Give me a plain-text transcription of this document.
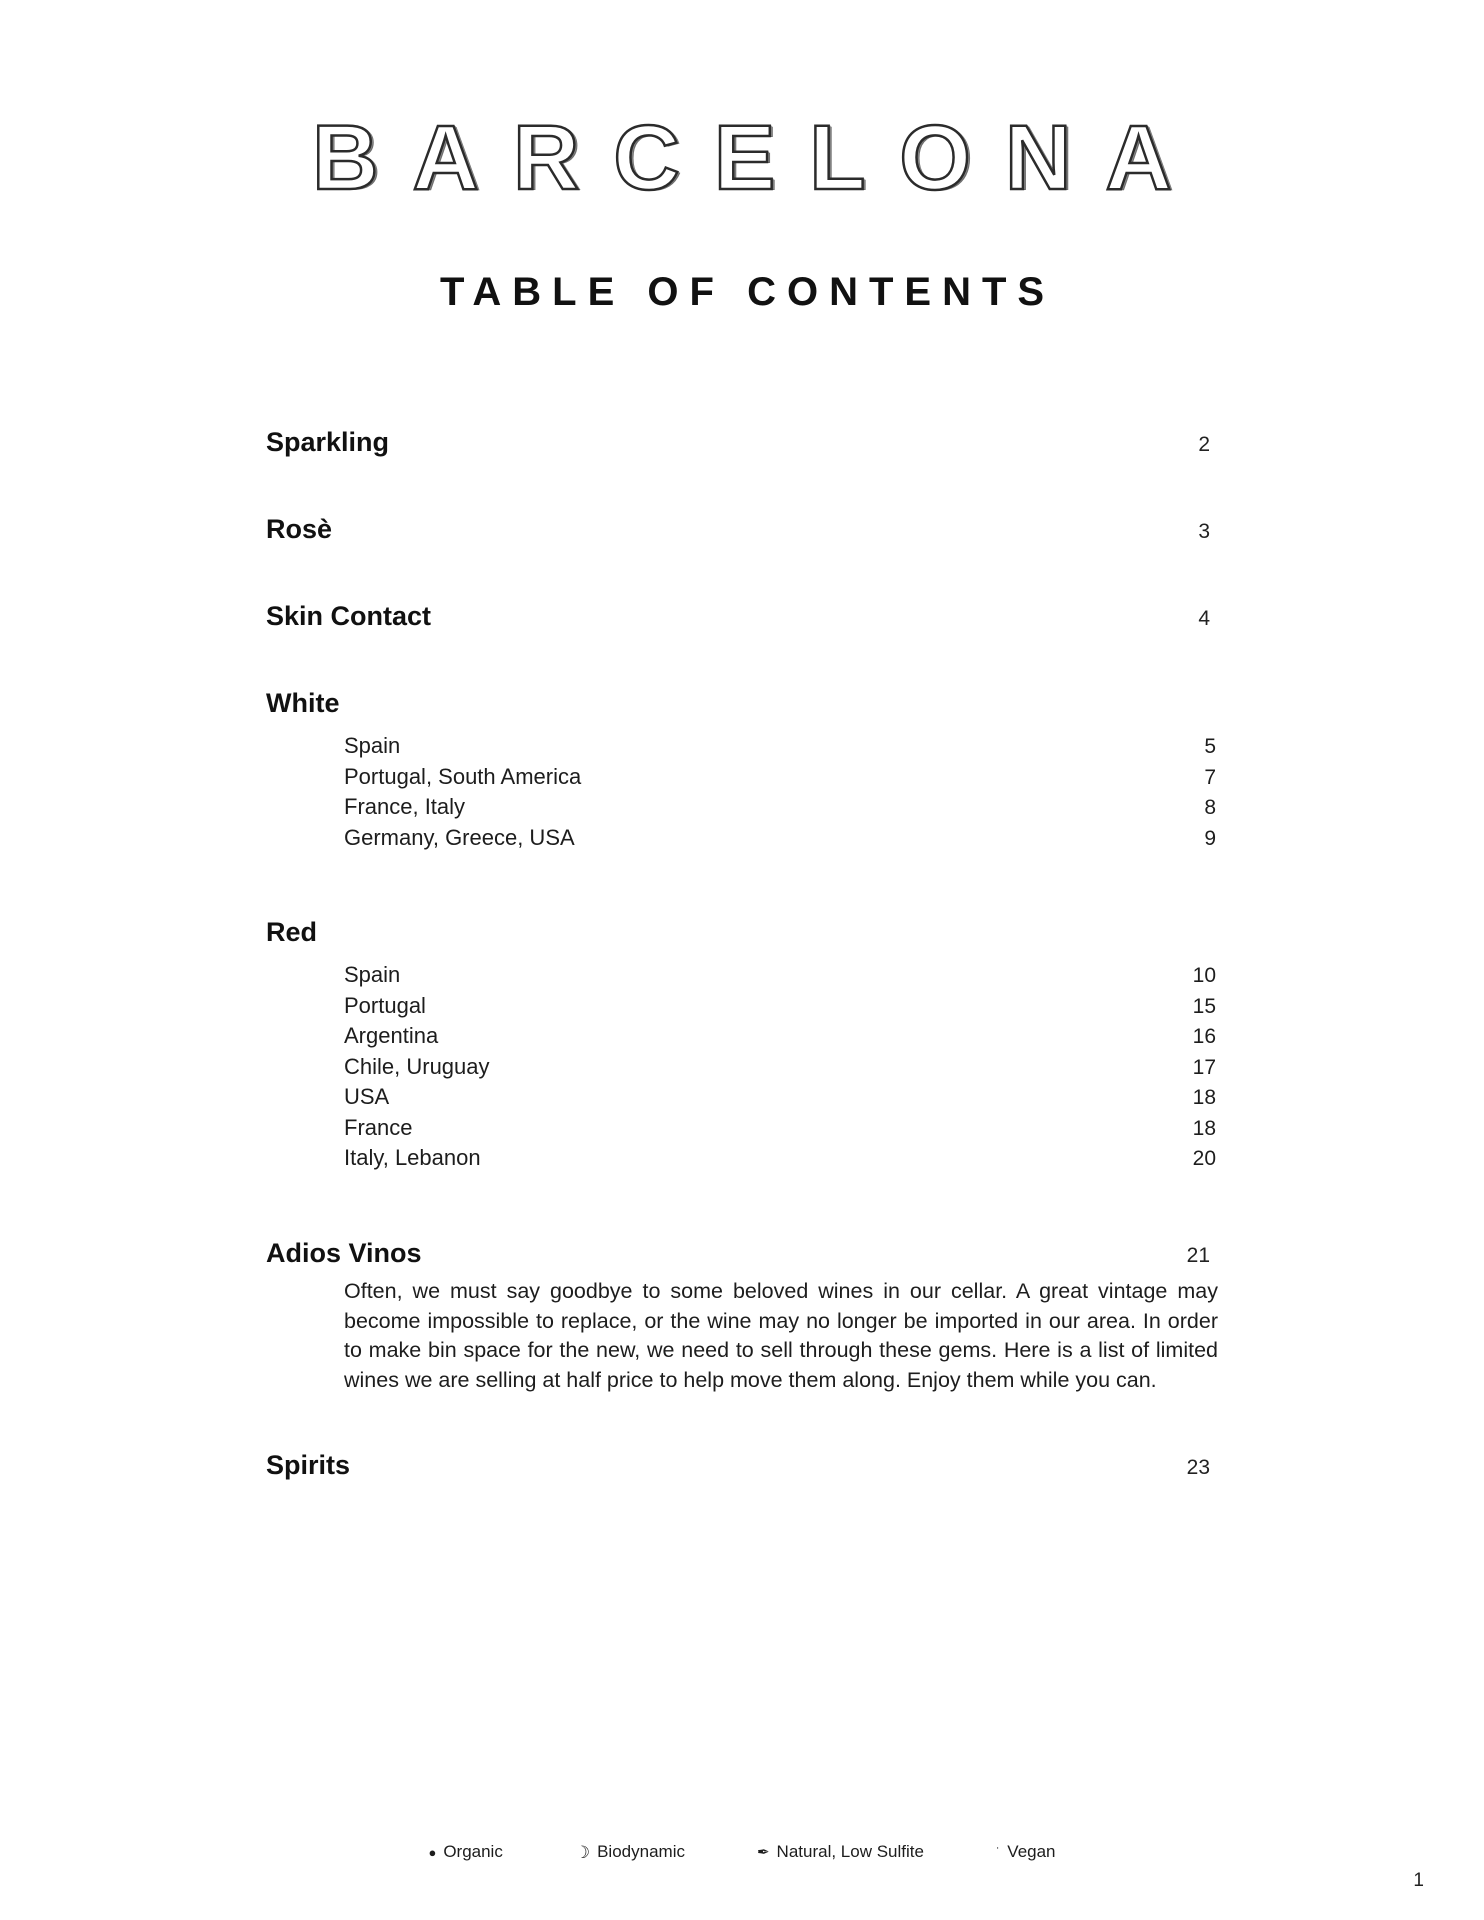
BARCELONA
TABLE OF CONTENTS
Sparkling	2
Rosè	3
Skin Contact	4
White
Spain	5
Portugal, South America	7
France, Italy	8
Germany, Greece, USA	9
Red
Spain	10
Portugal	15
Argentina	16
Chile, Uruguay	17
USA	18
France	18
Italy, Lebanon	20
Adios Vinos	21
Often, we must say goodbye to some beloved wines in our cellar. A great vintage may become impossible to replace, or the wine may no longer be imported in our area. In order to make bin space for the new, we need to sell through these gems. Here is a list of limited wines we are selling at half price to help move them along. Enjoy them while you can.
Spirits	23
● Organic	☽ Biodynamic	✒ Natural, Low Sulfite	˙ Vegan
1
